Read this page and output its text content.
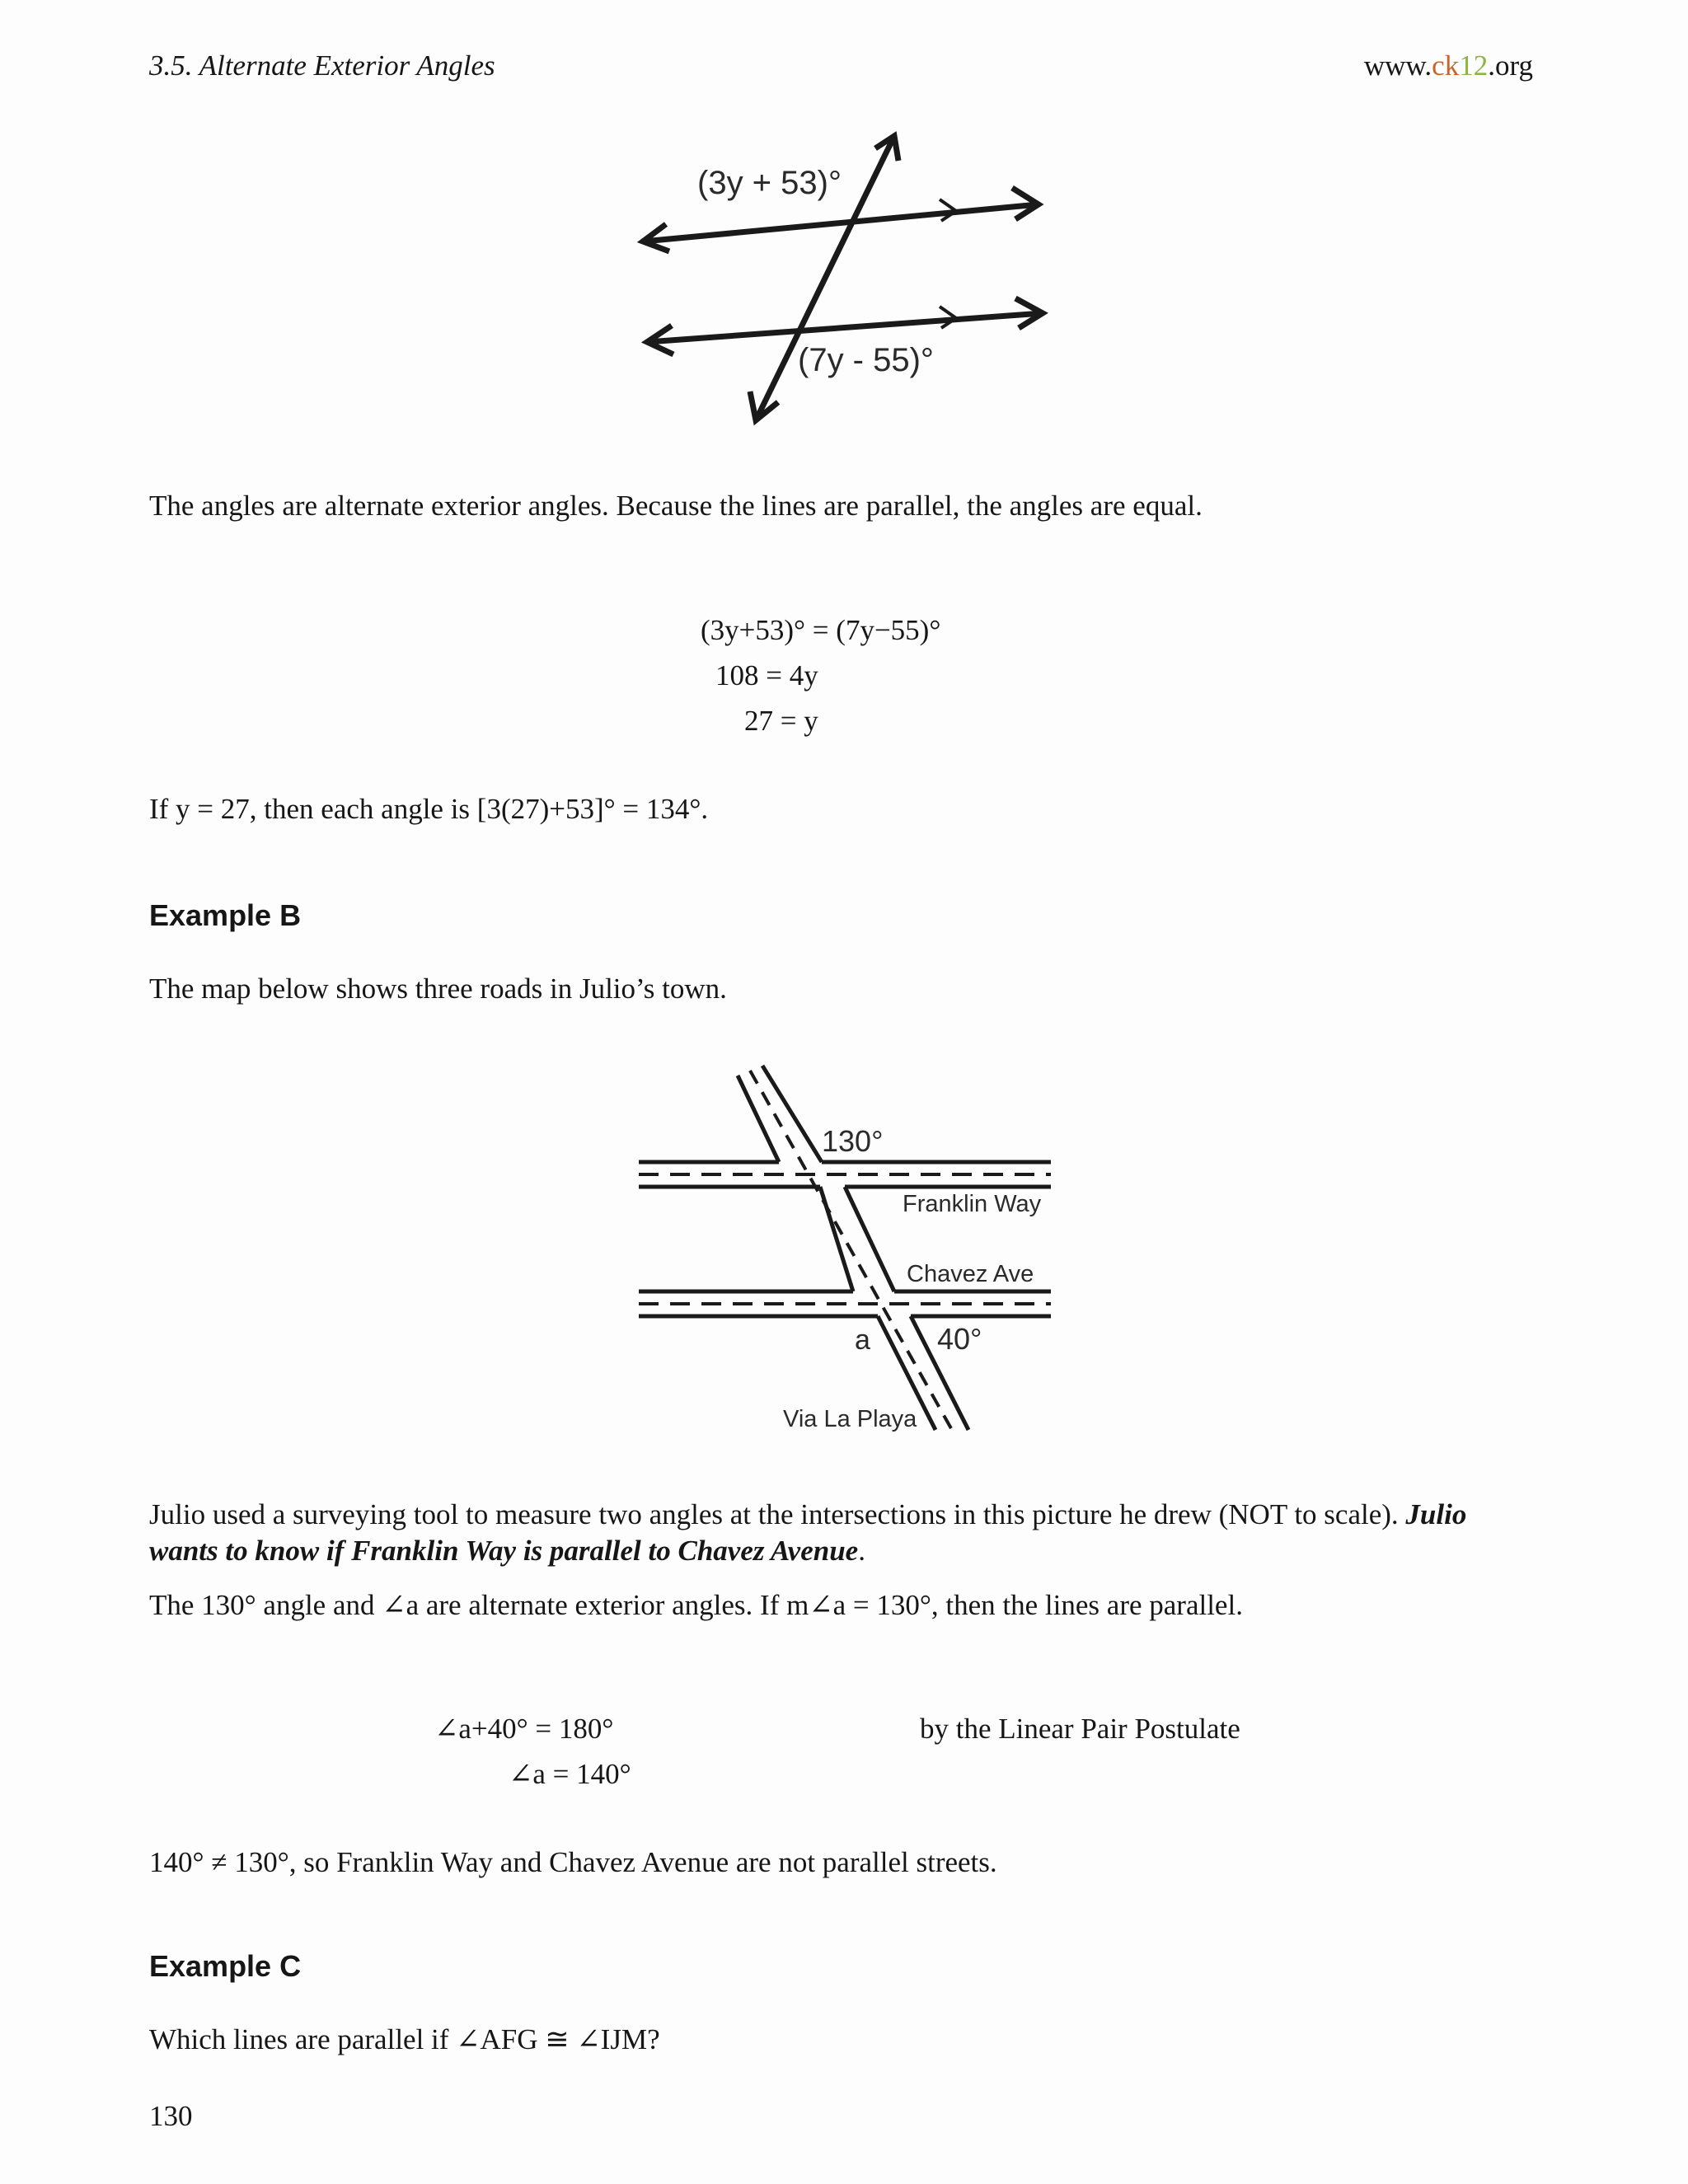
3.5. Alternate Exterior Angles	www.ck12.org
(3y + 53)°
(7y - 55)°
The angles are alternate exterior angles. Because the lines are parallel, the angles are equal.
(3y+53)° = (7y−55)°
108 = 4y
27 = y
If y = 27, then each angle is [3(27)+53]° = 134°.
Example B
The map below shows three roads in Julio’s town.
130°
Franklin Way
Chavez Ave
a 40°
Via La Playa
Julio used a surveying tool to measure two angles at the intersections in this picture he drew (NOT to scale). Julio
wants to know if Franklin Way is parallel to Chavez Avenue.
The 130° angle and ∠a are alternate exterior angles. If m∠a = 130°, then the lines are parallel.
∠a+40° = 180°
∠a = 140°
by the Linear Pair Postulate
140° ≠ 130°, so Franklin Way and Chavez Avenue are not parallel streets.
Example C
Which lines are parallel if ∠AFG ≅ ∠IJM?
130
